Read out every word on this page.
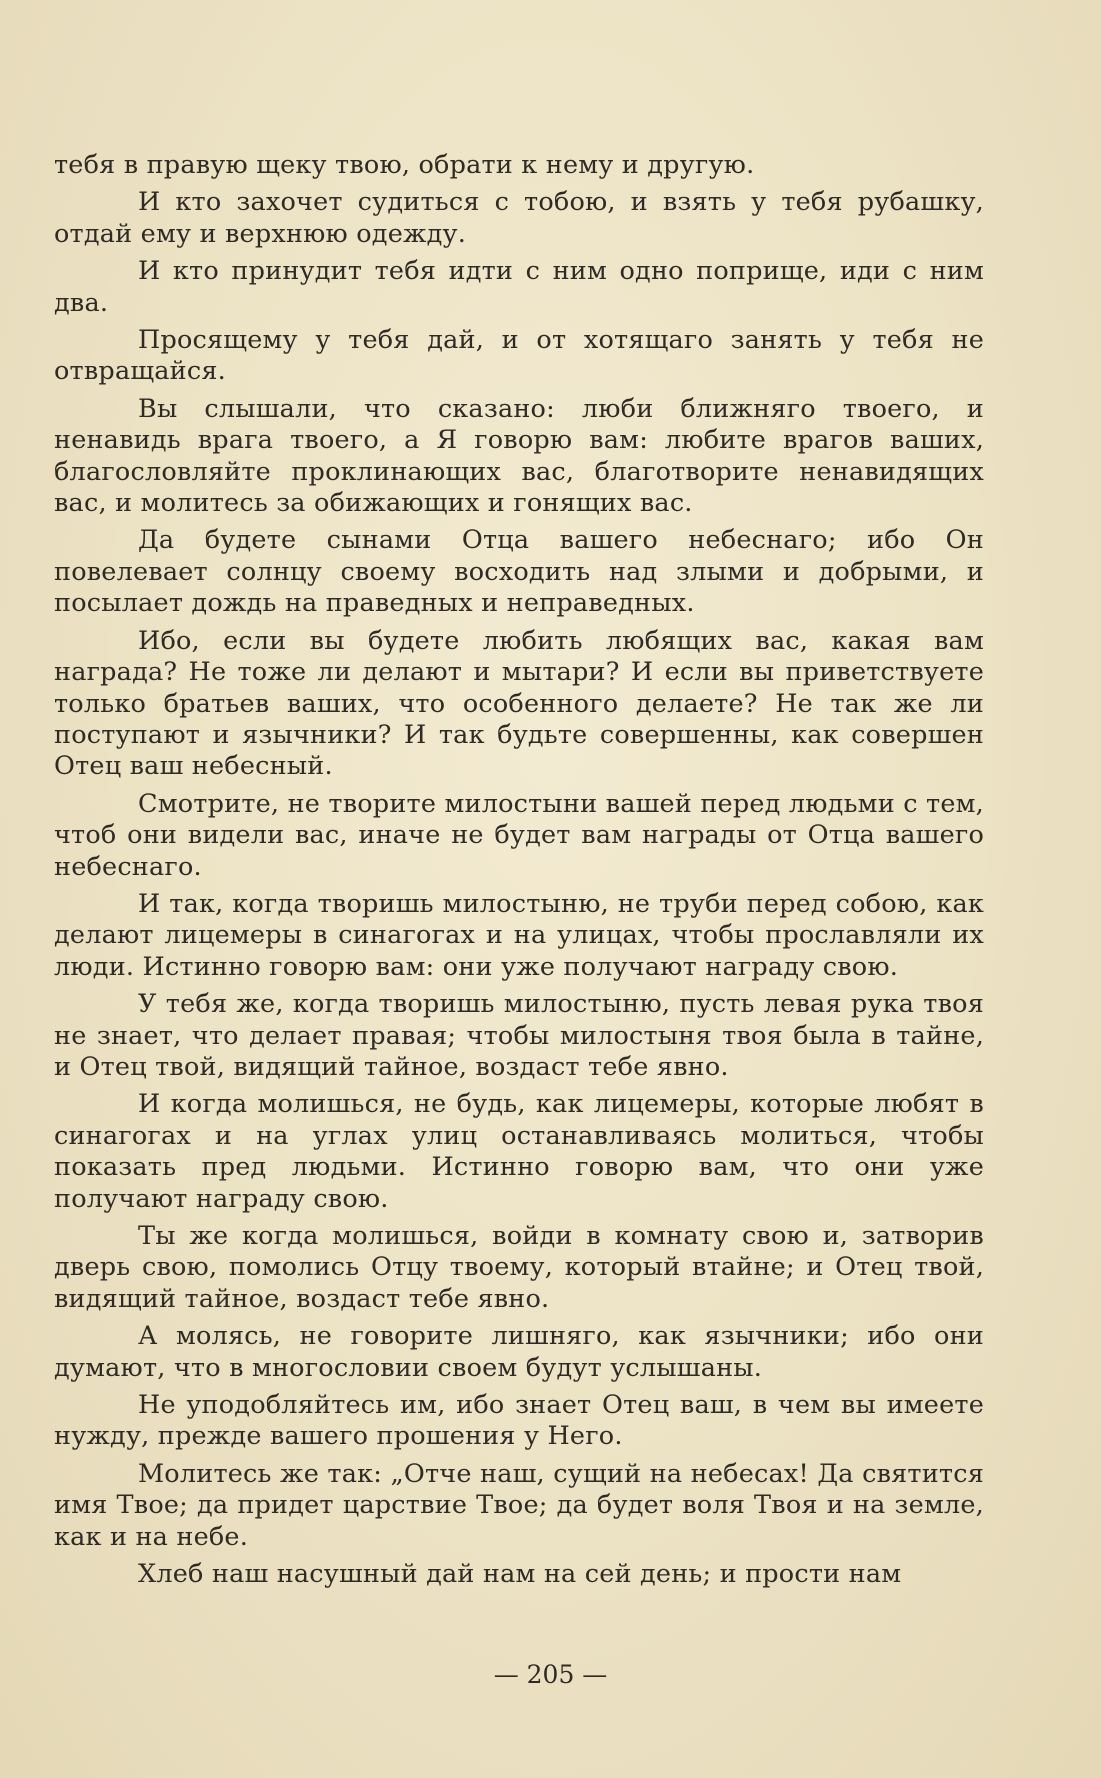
тебя в правую щеку твою, обрати к нему и другую.

И кто захочет судиться с тобою, и взять у тебя рубашку, отдай ему и верхнюю одежду.

И кто принудит тебя идти с ним одно поприще, иди с ним два.

Просящему у тебя дай, и от хотящаго занять у тебя не отвращайся.

Вы слышали, что сказано: люби ближняго твоего, и ненавидь врага твоего, а Я говорю вам: любите врагов ваших, благословляйте проклинающих вас, благотворите ненавидящих вас, и молитесь за обижающих и гонящих вас.

Да будете сынами Отца вашего небеснаго; ибо Он повелевает солнцу своему восходить над злыми и добрыми, и посылает дождь на праведных и неправедных.

Ибо, если вы будете любить любящих вас, какая вам награда? Не тоже ли делают и мытари? И если вы приветствуете только братьев ваших, что особенного делаете? Не так же ли поступают и язычники? И так будьте совершенны, как совершен Отец ваш небесный.

Смотрите, не творите милостыни вашей перед людьми с тем, чтоб они видели вас, иначе не будет вам награды от Отца вашего небеснаго.

И так, когда творишь милостыню, не труби перед собою, как делают лицемеры в синагогах и на улицах, чтобы прославляли их люди. Истинно говорю вам: они уже получают награду свою.

У тебя же, когда творишь милостыню, пусть левая рука твоя не знает, что делает правая; чтобы милостыня твоя была в тайне, и Отец твой, видящий тайное, воздаст тебе явно.

И когда молишься, не будь, как лицемеры, которые любят в синагогах и на углах улиц останавливаясь молиться, чтобы показать пред людьми. Истинно говорю вам, что они уже получают награду свою.

Ты же когда молишься, войди в комнату свою и, затворив дверь свою, помолись Отцу твоему, который втайне; и Отец твой, видящий тайное, воздаст тебе явно.

А молясь, не говорите лишняго, как язычники; ибо они думают, что в многословии своем будут услышаны.

Не уподобляйтесь им, ибо знает Отец ваш, в чем вы имеете нужду, прежде вашего прошения у Него.

Молитесь же так: „Отче наш, сущий на небесах! Да святится имя Твое; да придет царствие Твое; да будет воля Твоя и на земле, как и на небе.

Хлеб наш насушный дай нам на сей день; и прости нам

— 205 —
